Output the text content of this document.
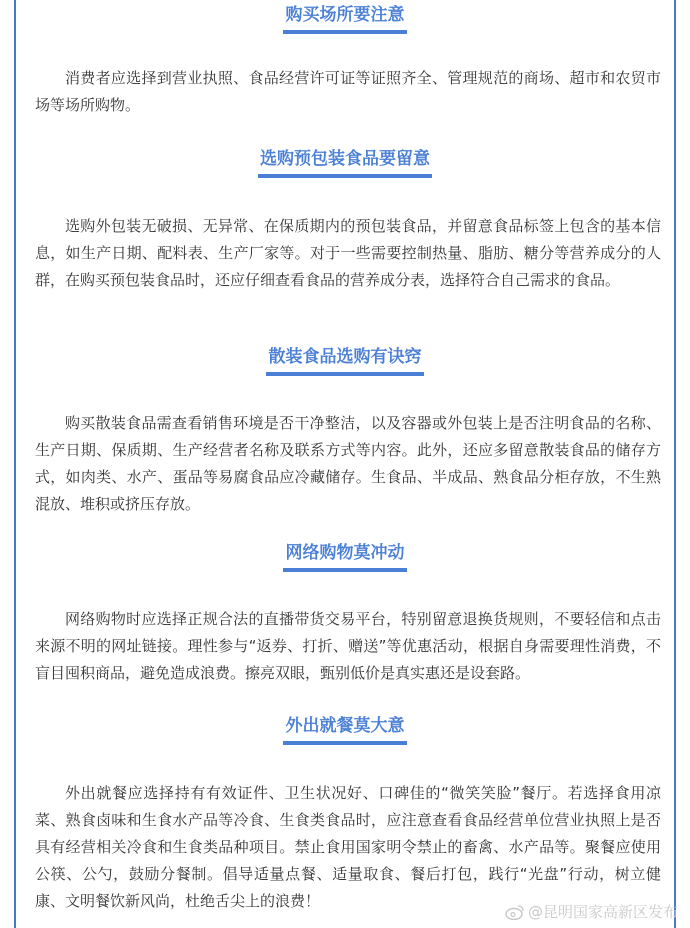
购买场所要注意
消费者应选择到营业执照、食品经营许可证等证照齐全、管理规范的商场、超市和农贸市场等场所购物。
选购预包装食品要留意
选购外包装无破损、无异常、在保质期内的预包装食品，并留意食品标签上包含的基本信息，如生产日期、配料表、生产厂家等。对于一些需要控制热量、脂肪、糖分等营养成分的人群，在购买预包装食品时，还应仔细查看食品的营养成分表，选择符合自己需求的食品。
散装食品选购有诀窍
购买散装食品需查看销售环境是否干净整洁，以及容器或外包装上是否注明食品的名称、生产日期、保质期、生产经营者名称及联系方式等内容。此外，还应多留意散装食品的储存方式，如肉类、水产、蛋品等易腐食品应冷藏储存。生食品、半成品、熟食品分柜存放，不生熟混放、堆积或挤压存放。
网络购物莫冲动
网络购物时应选择正规合法的直播带货交易平台，特别留意退换货规则，不要轻信和点击来源不明的网址链接。理性参与“返券、打折、赠送”等优惠活动，根据自身需要理性消费，不盲目囤积商品，避免造成浪费。擦亮双眼，甄别低价是真实惠还是设套路。
外出就餐莫大意
外出就餐应选择持有有效证件、卫生状况好、口碑佳的“微笑笑脸”餐厅。若选择食用凉菜、熟食卤味和生食水产品等冷食、生食类食品时，应注意查看食品经营单位营业执照上是否具有经营相关冷食和生食类品种项目。禁止食用国家明令禁止的畜禽、水产品等。聚餐应使用公筷、公勺，鼓励分餐制。倡导适量点餐、适量取食、餐后打包，践行“光盘”行动，树立健康、文明餐饮新风尚，杜绝舌尖上的浪费！
@昆明国家高新区发布
